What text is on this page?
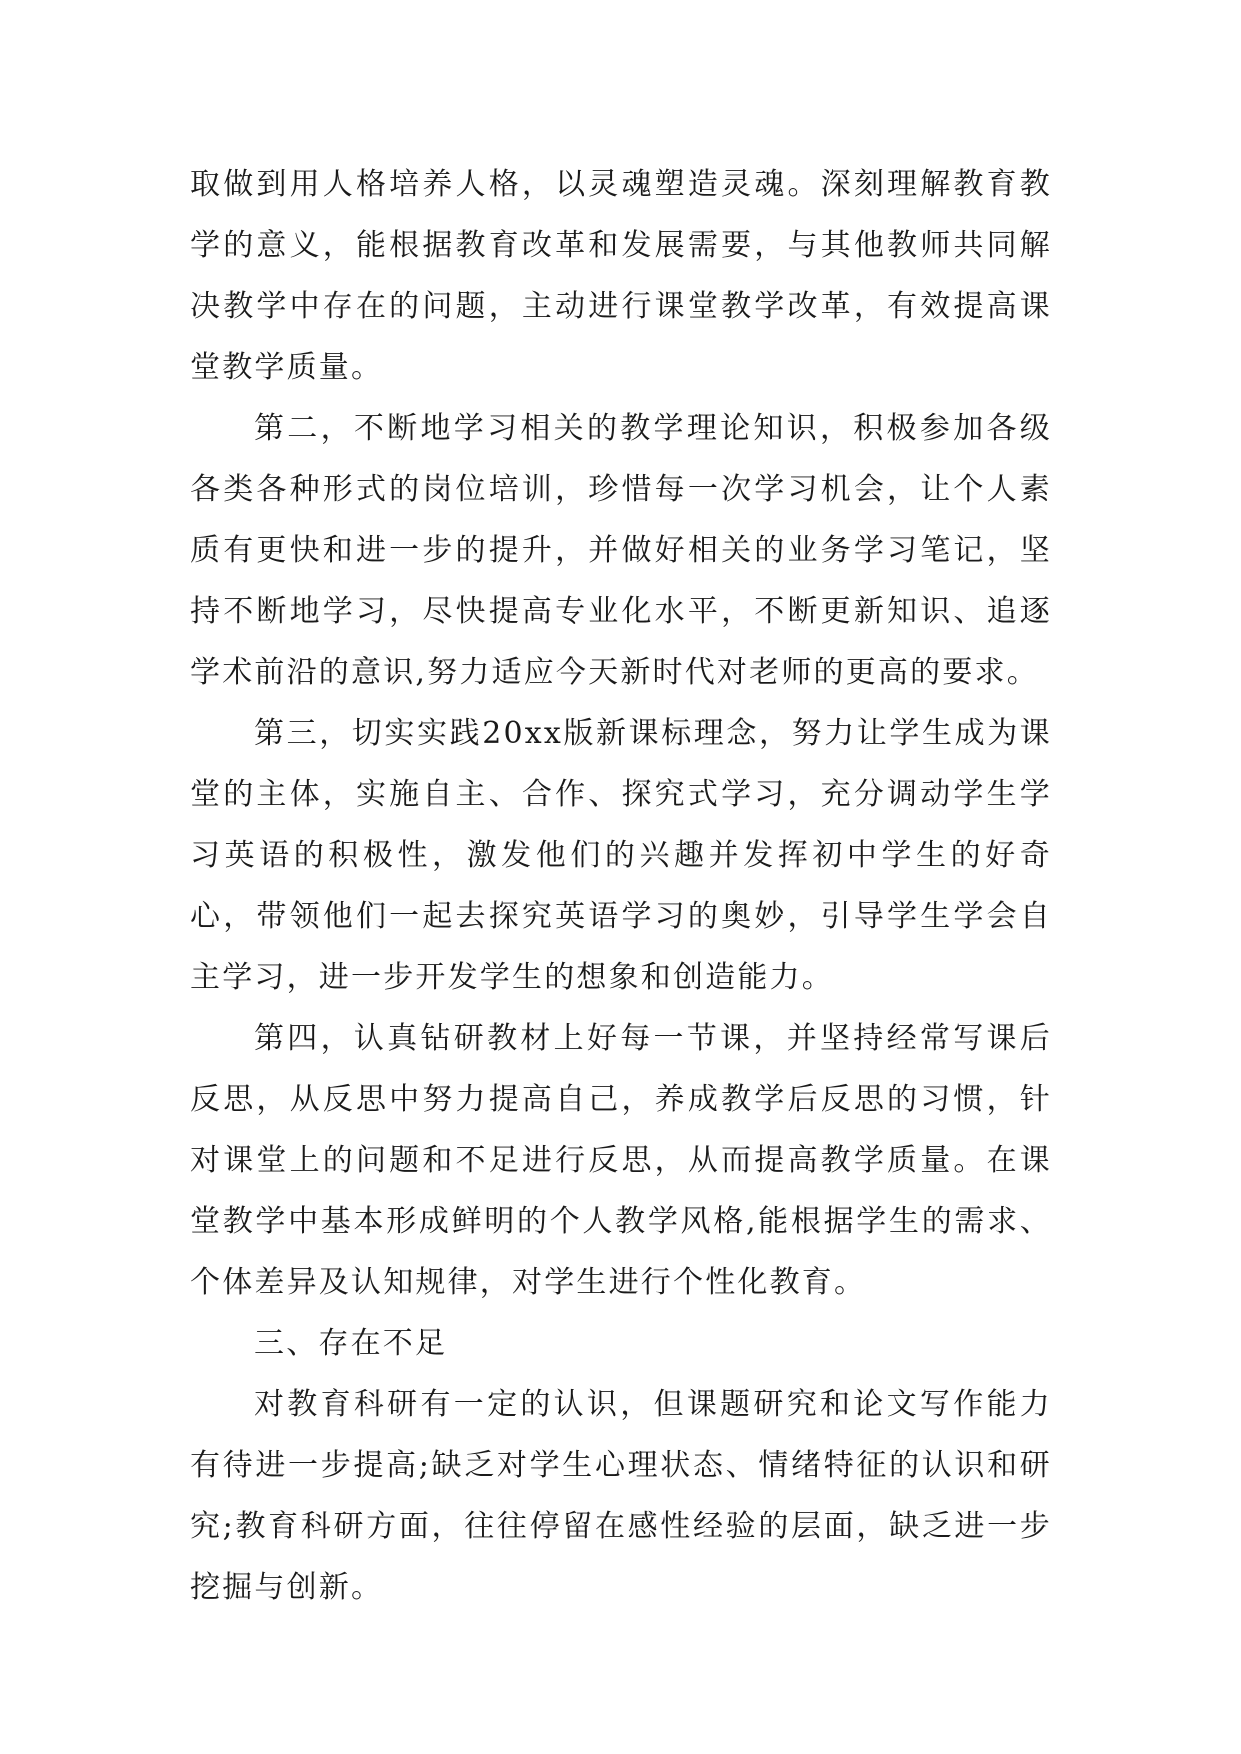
取做到用人格培养人格，以灵魂塑造灵魂。深刻理解教育教学的意义，能根据教育改革和发展需要，与其他教师共同解决教学中存在的问题，主动进行课堂教学改革，有效提高课堂教学质量。

第二，不断地学习相关的教学理论知识，积极参加各级各类各种形式的岗位培训，珍惜每一次学习机会，让个人素质有更快和进一步的提升，并做好相关的业务学习笔记，坚持不断地学习，尽快提高专业化水平，不断更新知识、追逐学术前沿的意识,努力适应今天新时代对老师的更高的要求。

第三，切实实践20xx版新课标理念，努力让学生成为课堂的主体，实施自主、合作、探究式学习，充分调动学生学习英语的积极性，激发他们的兴趣并发挥初中学生的好奇心，带领他们一起去探究英语学习的奥妙，引导学生学会自主学习，进一步开发学生的想象和创造能力。

第四，认真钻研教材上好每一节课，并坚持经常写课后反思，从反思中努力提高自己，养成教学后反思的习惯，针对课堂上的问题和不足进行反思，从而提高教学质量。在课堂教学中基本形成鲜明的个人教学风格,能根据学生的需求、个体差异及认知规律，对学生进行个性化教育。

三、存在不足

对教育科研有一定的认识，但课题研究和论文写作能力有待进一步提高;缺乏对学生心理状态、情绪特征的认识和研究;教育科研方面，往往停留在感性经验的层面，缺乏进一步挖掘与创新。
